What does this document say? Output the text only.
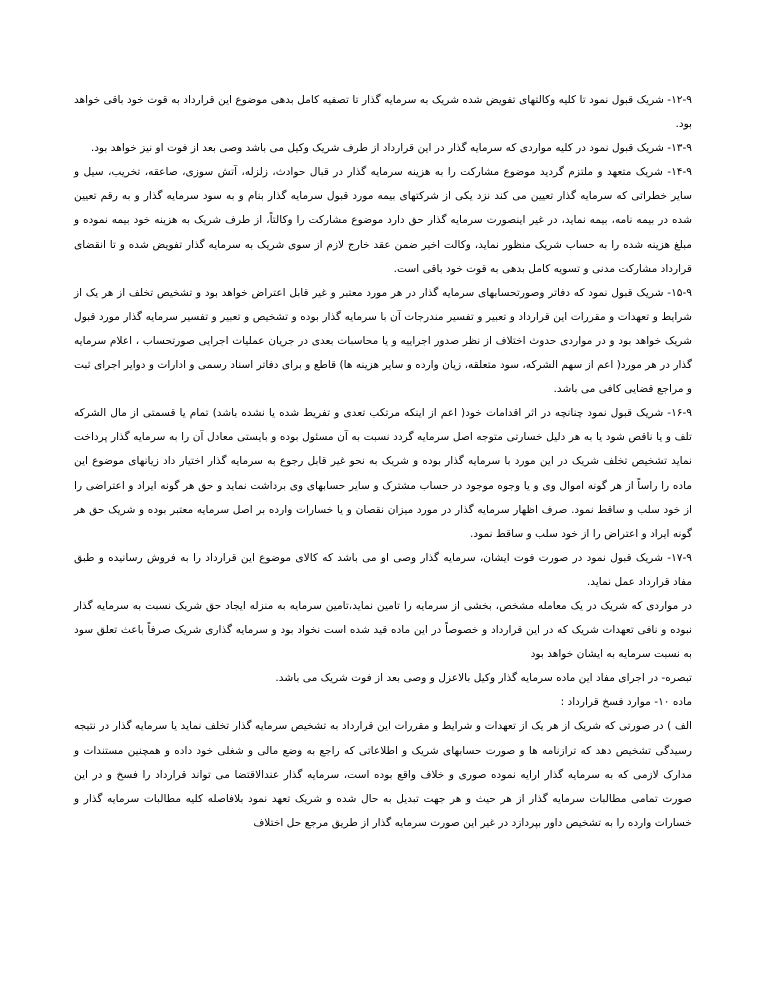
۱۲-۹- شریک قبول نمود تا کلیه وکالتهای تفویض شده شریک به سرمایه گذار تا تصفیه کامل بدهی موضوع این قرارداد به قوت خود باقی خواهد بود.

۱۳-۹- شریک قبول نمود در کلیه مواردی که سرمایه گذار در این قرارداد از طرف شریک وکیل می باشد وصی بعد از فوت او نیز خواهد بود.

۱۴-۹- شریک متعهد و ملتزم گردید موضوع مشارکت را به هزینه سرمایه گذار در قبال حوادث، زلزله، آتش سوزی، صاعقه، تخریب، سیل و سایر خطراتی که سرمایه گذار تعیین می کند نزد یکی از شرکتهای بیمه مورد قبول سرمایه گذار بنام و به سود سرمایه گذار و به رقم تعیین شده در بیمه نامه، بیمه نماید، در غیر اینصورت سرمایه گذار حق دارد موضوع مشارکت را وکالتاً، از طرف شریک به هزینه خود بیمه نموده و مبلغ هزینه شده را به حساب شریک منظور نماید، وکالت اخیر ضمن عقد خارج لازم از سوی شریک به سرمایه گذار تفویض شده و تا انقضای قرارداد مشارکت مدنی و تسویه کامل بدهی به قوت خود باقی است.

۱۵-۹- شریک قبول نمود که دفاتر وصورتحسابهای سرمایه گذار در هر مورد معتبر و غیر قابل اعتراض خواهد بود و تشخیص تخلف از هر یک از شرایط و تعهدات و مقررات این قرارداد و تعبیر و تفسیر مندرجات آن با سرمایه گذار بوده و تشخیص و تعبیر و تفسیر سرمایه گذار مورد قبول شریک خواهد بود و در مواردی حدوث اختلاف از نظر صدور اجراییه و یا محاسبات بعدی در جریان عملیات اجرایی صورتحساب ، اعلام سرمایه گذار در هر مورد( اعم از سهم الشرکه، سود متعلقه، زیان وارده و سایر هزینه ها) قاطع و برای دفاتر اسناد رسمی و ادارات و دوایر اجرای ثبت و مراجع قضایی کافی می باشد.

۱۶-۹- شریک قبول نمود چنانچه در اثر اقدامات خود( اعم از اینکه مرتکب تعدی و تفریط شده یا نشده باشد) تمام یا قسمتی از مال الشرکه تلف و یا ناقص شود یا به هر دلیل خسارتی متوجه اصل سرمایه گردد نسبت به آن مسئول بوده و بایستی معادل آن را به سرمایه گذار پرداخت نماید تشخیص تخلف شریک در این مورد با سرمایه گذار بوده و شریک به نحو غیر قابل رجوع به سرمایه گذار اختیار داد زیانهای موضوع این ماده را راساً از هر گونه اموال وی و یا وجوه موجود در حساب مشترک و سایر حسابهای وی برداشت نماید و حق هر گونه ایراد و اعتراضی را از خود سلب و ساقط نمود. صرف اظهار سرمایه گذار در مورد میزان نقصان و یا خسارات وارده بر اصل سرمایه معتبر بوده و شریک حق هر گونه ایراد و اعتراض را از خود سلب و ساقط نمود.

۱۷-۹- شریک قبول نمود در صورت فوت ایشان، سرمایه گذار وصی او می باشد که کالای موضوع این قرارداد را به فروش رسانیده و طبق مفاد قرارداد عمل نماید.

در مواردی که شریک در یک معامله مشخص، بخشی از سرمایه را تامین نماید،تامین سرمایه به منزله ایجاد حق شریک نسبت به سرمایه گذار نبوده و نافی تعهدات شریک که در این قرارداد و خصوصاً در این ماده قید شده است نخواد بود و سرمایه گذاری شریک صرفاً باعث تعلق سود به نسبت سرمایه به ایشان خواهد بود

تبصره- در اجرای مفاد این ماده سرمایه گذار وکیل بالاعزل و وصی بعد از فوت شریک می باشد.

ماده ۱۰- موارد فسخ قرارداد :

الف ) در صورتی که شریک از هر یک از تعهدات و شرایط و مقررات این قرارداد به تشخیص سرمایه گذار تخلف نماید یا سرمایه گذار در نتیجه رسیدگی تشخیص دهد که ترازنامه ها و صورت حسابهای شریک و اطلاعاتی که راجع به وضع مالی و شغلی خود داده و همچنین مستندات و مدارک لازمی که به سرمایه گذار ارایه نموده صوری و خلاف واقع بوده است، سرمایه گذار عندالاقتضا می تواند قرارداد را فسخ و در این صورت تمامی مطالبات سرمایه گذار از هر حیث و هر جهت تبدیل به حال شده و شریک تعهد نمود بلافاصله کلیه مطالبات سرمایه گذار و خسارات وارده را به تشخیص داور بپردازد در غیر این صورت سرمایه گذار از طریق مرجع حل اختلاف
